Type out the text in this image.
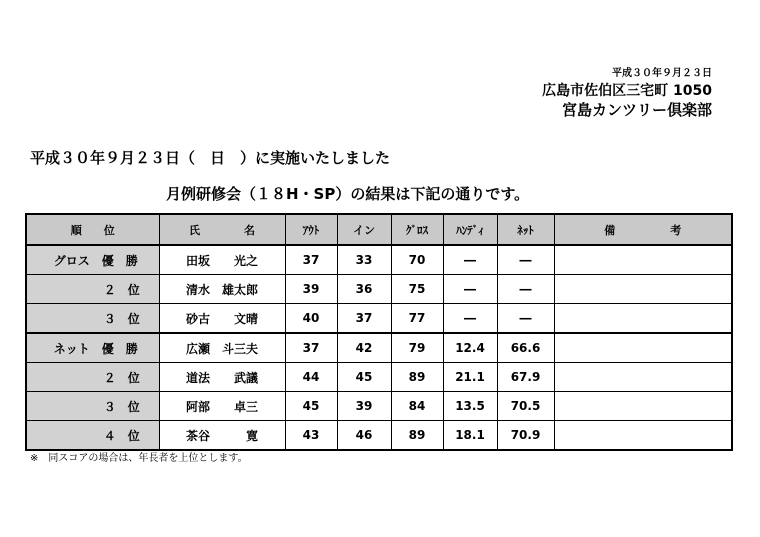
平成３０年９月２３日
広島市佐伯区三宅町 1050
宮島カンツリー倶楽部
平成３０年９月２３日（　日　）に実施いたしました
月例研修会（１８H・SP）の結果は下記の通りです。
順　　位	氏　　　　名	ｱｳﾄ	イン	ｸﾞﾛｽ	ﾊﾝﾃﾞｨ	ﾈｯﾄ	備　　　　　考
グロス　優　勝	田坂　　光之	37	33	70	―	―	
２　位	清水　雄太郎	39	36	75	―	―	
３　位	砂古　　文晴	40	37	77	―	―	
ネット　優　勝	広瀬　斗三夫	37	42	79	12.4	66.6	
２　位	道法　　武議	44	45	89	21.1	67.9	
３　位	阿部　　卓三	45	39	84	13.5	70.5	
４　位	茶谷　　　寛	43	46	89	18.1	70.9	
※　同スコアの場合は、年長者を上位とします。
